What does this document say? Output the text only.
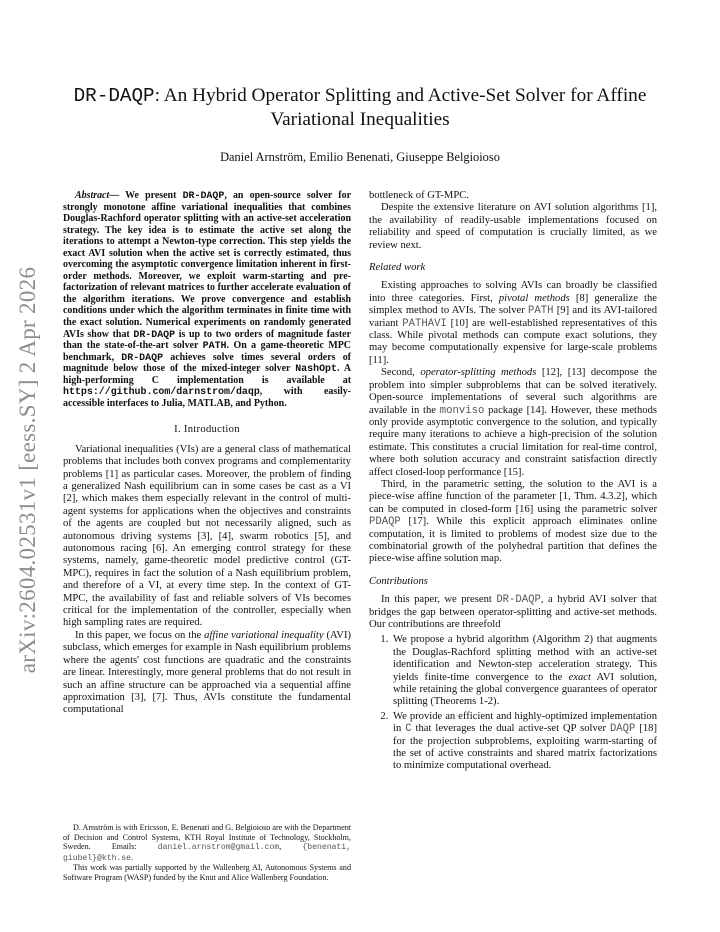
arXiv:2604.02531v1 [eess.SY] 2 Apr 2026
DR-DAQP: An Hybrid Operator Splitting and Active-Set Solver for Affine
Variational Inequalities
Daniel Arnström, Emilio Benenati, Giuseppe Belgioioso

Abstract— We present DR-DAQP, an open-source solver for strongly monotone affine variational inequalities that combines Douglas-Rachford operator splitting with an active-set acceleration strategy. The key idea is to estimate the active set along the iterations to attempt a Newton-type correction. This step yields the exact AVI solution when the active set is correctly estimated, thus overcoming the asymptotic convergence limitation inherent in first-order methods. Moreover, we exploit warm-starting and pre-factorization of relevant matrices to further accelerate evaluation of the algorithm iterations. We prove convergence and establish conditions under which the algorithm terminates in finite time with the exact solution. Numerical experiments on randomly generated AVIs show that DR-DAQP is up to two orders of magnitude faster than the state-of-the-art solver PATH. On a game-theoretic MPC benchmark, DR-DAQP achieves solve times several orders of magnitude below those of the mixed-integer solver NashOpt. A high-performing C implementation is available at https://github.com/darnstrom/daqp, with easily-accessible interfaces to Julia, MATLAB, and Python.

I. Introduction

Variational inequalities (VIs) are a general class of mathematical problems that includes both convex programs and complementarity problems [1] as particular cases. Moreover, the problem of finding a generalized Nash equilibrium can in some cases be cast as a VI [2], which makes them especially relevant in the control of multi-agent systems for applications when the objectives and constraints of the agents are coupled but not necessarily aligned, such as autonomous driving systems [3], [4], swarm robotics [5], and autonomous racing [6]. An emerging control strategy for these systems, namely, game-theoretic model predictive control (GT-MPC), requires in fact the solution of a Nash equilibrium problem, and therefore of a VI, at every time step. In the context of GT-MPC, the availability of fast and reliable solvers of VIs becomes critical for the implementation of the controller, especially when high sampling rates are required.

In this paper, we focus on the affine variational inequality (AVI) subclass, which emerges for example in Nash equilibrium problems where the agents' cost functions are quadratic and the constraints are linear. Interestingly, more general problems that do not result in such an affine structure can be approached via a sequential affine approximation [3], [7]. Thus, AVIs constitute the fundamental computational

bottleneck of GT-MPC.

Despite the extensive literature on AVI solution algorithms [1], the availability of readily-usable implementations focused on reliability and speed of computation is crucially limited, as we review next.

Related work

Existing approaches to solving AVIs can broadly be classified into three categories. First, pivotal methods [8] generalize the simplex method to AVIs. The solver PATH [9] and its AVI-tailored variant PATHAVI [10] are well-established representatives of this class. While pivotal methods can compute exact solutions, they may become computationally expensive for large-scale problems [11].

Second, operator-splitting methods [12], [13] decompose the problem into simpler subproblems that can be solved iteratively. Open-source implementations of several such algorithms are available in the monviso package [14]. However, these methods only provide asymptotic convergence to the solution, and typically require many iterations to achieve a high-precision of the solution estimate. This constitutes a crucial limitation for real-time control, where both solution accuracy and constraint satisfaction directly affect closed-loop performance [15].

Third, in the parametric setting, the solution to the AVI is a piece-wise affine function of the parameter [1, Thm. 4.3.2], which can be computed in closed-form [16] using the parametric solver PDAQP [17]. While this explicit approach eliminates online computation, it is limited to problems of modest size due to the combinatorial growth of the polyhedral partition that defines the piece-wise affine solution map.

Contributions

In this paper, we present DR-DAQP, a hybrid AVI solver that bridges the gap between operator-splitting and active-set methods. Our contributions are threefold

1. We propose a hybrid algorithm (Algorithm 2) that augments the Douglas-Rachford splitting method with an active-set identification and Newton-step acceleration strategy. This yields finite-time convergence to the exact AVI solution, while retaining the global convergence guarantees of operator splitting (Theorems 1-2).
2. We provide an efficient and highly-optimized implementation in C that leverages the dual active-set QP solver DAQP [18] for the projection subproblems, exploiting warm-starting of the set of active constraints and shared matrix factorizations to minimize computational overhead.

D. Arnström is with Ericsson, E. Benenati and G. Belgioioso are with the Department of Decision and Control Systems, KTH Royal Institute of Technology, Stockholm, Sweden. Emails: daniel.arnstrom@gmail.com, {benenati, giubel}@kth.se.

This work was partially supported by the Wallenberg AI, Autonomous Systems and Software Program (WASP) funded by the Knut and Alice Wallenberg Foundation.
